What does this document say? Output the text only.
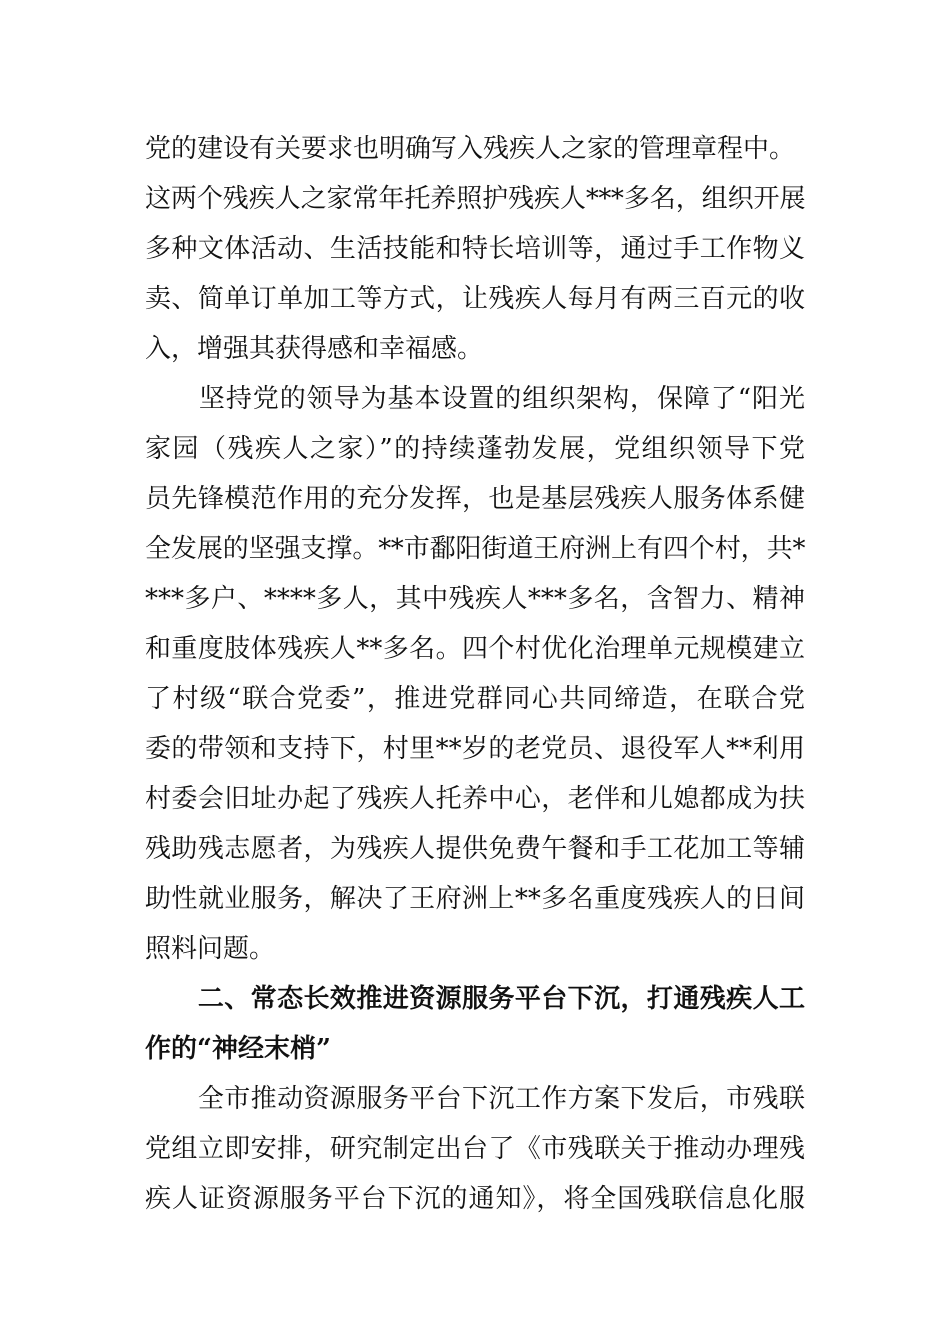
党的建设有关要求也明确写入残疾人之家的管理章程中。
这两个残疾人之家常年托养照护残疾人***多名，组织开展
多种文体活动、生活技能和特长培训等，通过手工作物义
卖、简单订单加工等方式，让残疾人每月有两三百元的收
入，增强其获得感和幸福感。
　　坚持党的领导为基本设置的组织架构，保障了“阳光
家园（残疾人之家）”的持续蓬勃发展，党组织领导下党
员先锋模范作用的充分发挥，也是基层残疾人服务体系健
全发展的坚强支撑。**市鄱阳街道王府洲上有四个村，共*
***多户、****多人，其中残疾人***多名，含智力、精神
和重度肢体残疾人**多名。四个村优化治理单元规模建立
了村级“联合党委”，推进党群同心共同缔造，在联合党
委的带领和支持下，村里**岁的老党员、退役军人**利用
村委会旧址办起了残疾人托养中心，老伴和儿媳都成为扶
残助残志愿者，为残疾人提供免费午餐和手工花加工等辅
助性就业服务，解决了王府洲上**多名重度残疾人的日间
照料问题。
　　二、常态长效推进资源服务平台下沉，打通残疾人工
作的“神经末梢”
　　全市推动资源服务平台下沉工作方案下发后，市残联
党组立即安排，研究制定出台了《市残联关于推动办理残
疾人证资源服务平台下沉的通知》，将全国残联信息化服
